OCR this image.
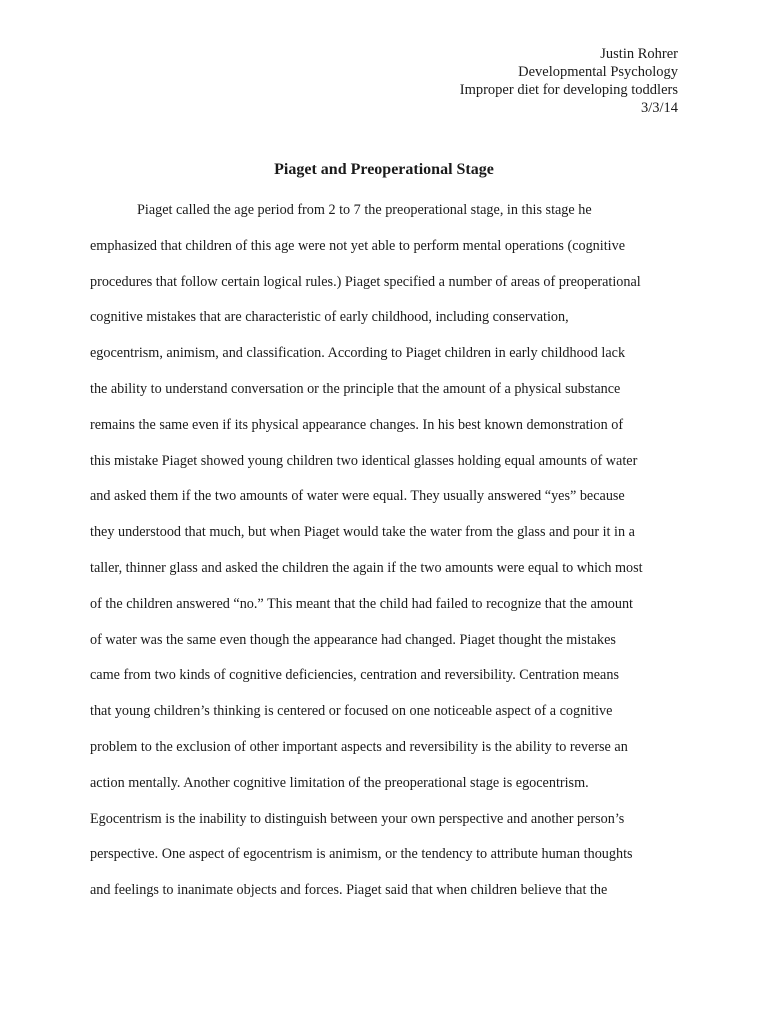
Justin Rohrer
Developmental Psychology
Improper diet for developing toddlers
3/3/14
Piaget and Preoperational Stage
Piaget called the age period from 2 to 7 the preoperational stage, in this stage he
emphasized that children of this age were not yet able to perform mental operations (cognitive
procedures that follow certain logical rules.) Piaget specified a number of areas of preoperational
cognitive mistakes that are characteristic of early childhood, including conservation,
egocentrism, animism, and classification. According to Piaget children in early childhood lack
the ability to understand conversation or the principle that the amount of a physical substance
remains the same even if its physical appearance changes. In his best known demonstration of
this mistake Piaget showed young children two identical glasses holding equal amounts of water
and asked them if the two amounts of water were equal. They usually answered “yes” because
they understood that much, but when Piaget would take the water from the glass and pour it in a
taller, thinner glass and asked the children the again if the two amounts were equal to which most
of the children answered “no.” This meant that the child had failed to recognize that the amount
of water was the same even though the appearance had changed. Piaget thought the mistakes
came from two kinds of cognitive deficiencies, centration and reversibility. Centration means
that young children’s thinking is centered or focused on one noticeable aspect of a cognitive
problem to the exclusion of other important aspects and reversibility is the ability to reverse an
action mentally. Another cognitive limitation of the preoperational stage is egocentrism.
Egocentrism is the inability to distinguish between your own perspective and another person’s
perspective. One aspect of egocentrism is animism, or the tendency to attribute human thoughts
and feelings to inanimate objects and forces. Piaget said that when children believe that the
